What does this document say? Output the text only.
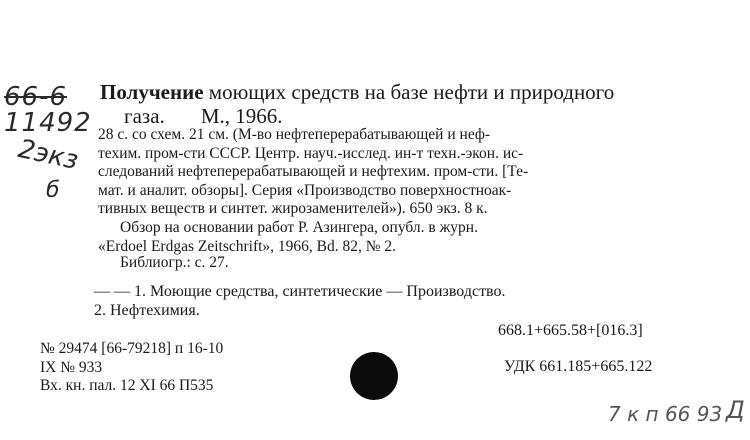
66-6
11492
2экз
б
Получение моющих средств на базе нефти и природного
газа. М., 1966.
28 с. со схем. 21 см. (М-во нефтеперерабатывающей и неф-
техим. пром-сти СССР. Центр. науч.-исслед. ин-т техн.-экон. ис-
следований нефтеперерабатывающей и нефтехим. пром-сти. [Те-
мат. и аналит. обзоры]. Серия «Производство поверхностноак-
тивных веществ и синтет. жирозаменителей»). 650 экз. 8 к.
Обзор на основании работ Р. Азингера, опубл. в журн.
«Erdoel Erdgas Zeitschrift», 1966, Bd. 82, № 2.
Библиогр.: с. 27.
— — 1. Моющие средства, синтетические — Производство.
2. Нефтехимия.
668.1+665.58+[016.3]
№ 29474 [66-79218] п 16-10
IX № 933
Вх. кн. пал. 12 XI 66 П535
УДК 661.185+665.122
7 к п 66 93 Д
